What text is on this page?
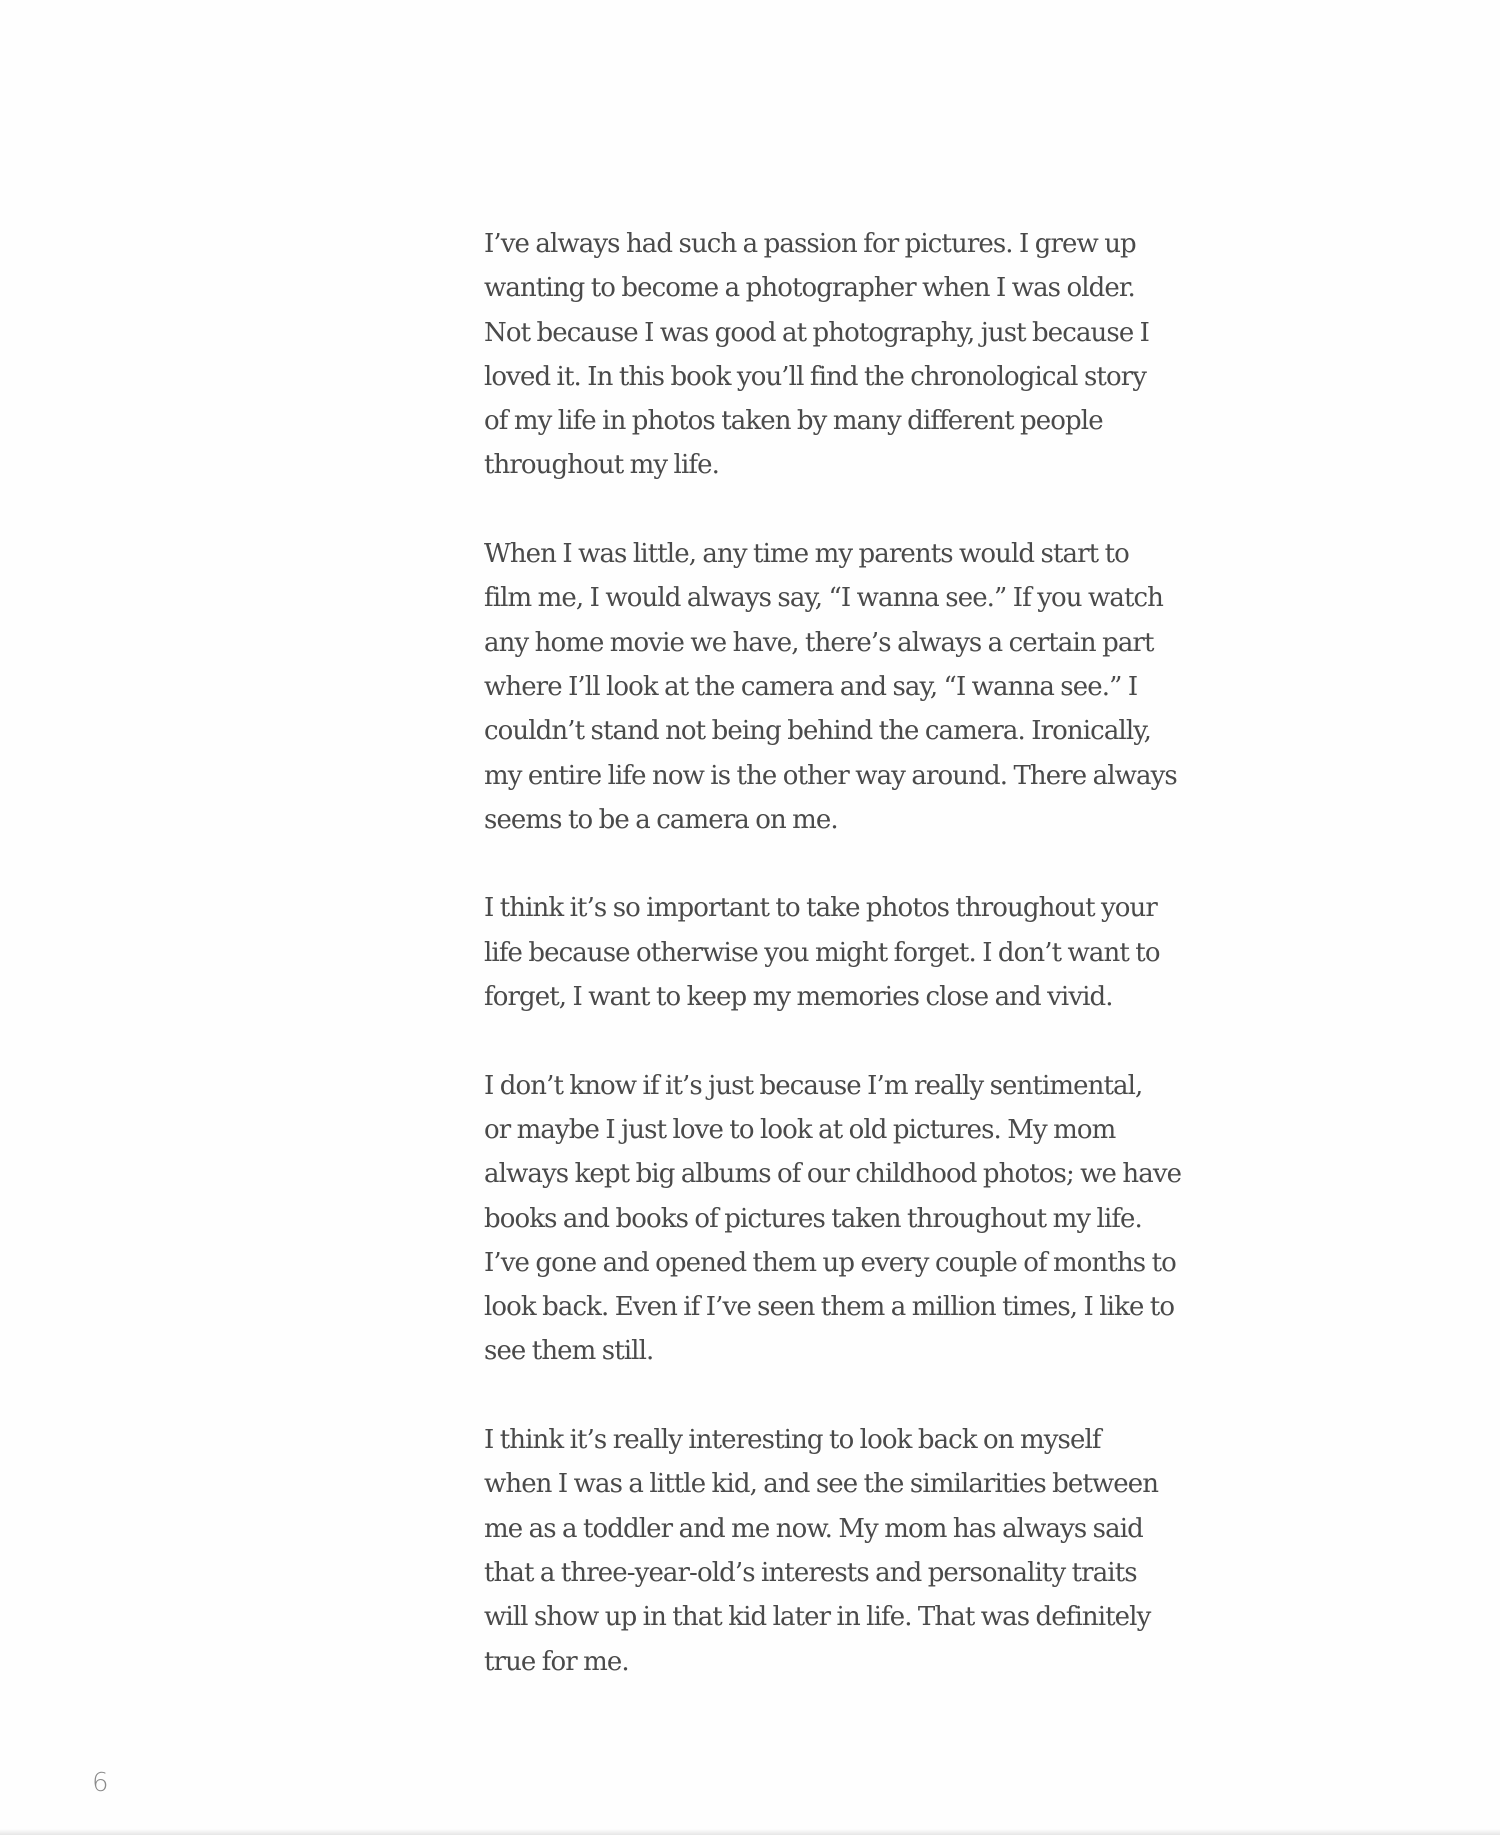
I’ve always had such a passion for pictures. I grew up
wanting to become a photographer when I was older.
Not because I was good at photography, just because I
loved it. In this book you’ll find the chronological story
of my life in photos taken by many different people
throughout my life.

When I was little, any time my parents would start to
film me, I would always say, “I wanna see.” If you watch
any home movie we have, there’s always a certain part
where I’ll look at the camera and say, “I wanna see.” I
couldn’t stand not being behind the camera. Ironically,
my entire life now is the other way around. There always
seems to be a camera on me.

I think it’s so important to take photos throughout your
life because otherwise you might forget. I don’t want to
forget, I want to keep my memories close and vivid.

I don’t know if it’s just because I’m really sentimental,
or maybe I just love to look at old pictures. My mom
always kept big albums of our childhood photos; we have
books and books of pictures taken throughout my life.
I’ve gone and opened them up every couple of months to
look back. Even if I’ve seen them a million times, I like to
see them still.

I think it’s really interesting to look back on myself
when I was a little kid, and see the similarities between
me as a toddler and me now. My mom has always said
that a three-year-old’s interests and personality traits
will show up in that kid later in life. That was definitely
true for me.

6
